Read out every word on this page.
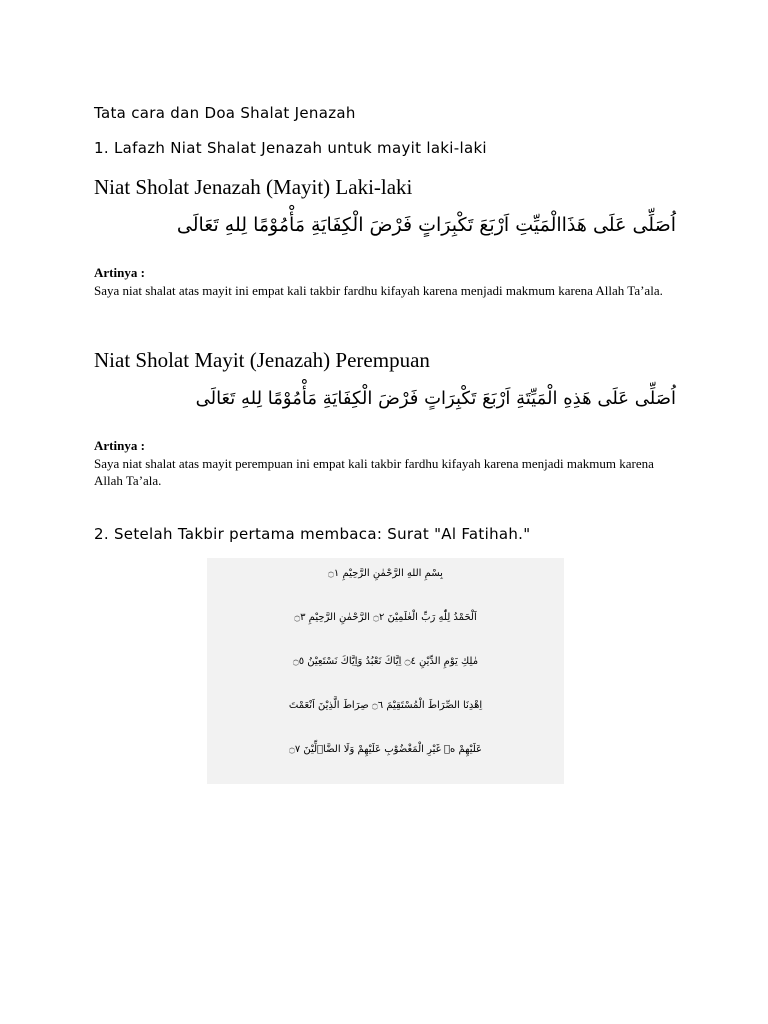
Tata cara dan Doa Shalat Jenazah
1. Lafazh Niat Shalat Jenazah untuk mayit laki-laki
Niat Sholat Jenazah (Mayit) Laki-laki
اُصَلِّى عَلَى هَذَاالْمَيِّتِ اَرْبَعَ تَكْبِرَاتٍ فَرْضَ الْكِفَايَةِ مَأْمُوْمًا لِلهِ تَعَالَى
Artinya :
Saya niat shalat atas mayit ini empat kali takbir fardhu kifayah karena menjadi makmum karena Allah Ta’ala.
Niat Sholat Mayit (Jenazah) Perempuan
اُصَلِّى عَلَى هَذِهِ الْمَيِّتَةِ اَرْبَعَ تَكْبِرَاتٍ فَرْضَ الْكِفَايَةِ مَأْمُوْمًا لِلهِ تَعَالَى
Artinya :
Saya niat shalat atas mayit perempuan ini empat kali takbir fardhu kifayah karena menjadi makmum karena Allah Ta’ala.
2. Setelah Takbir pertama membaca: Surat "Al Fatihah."
بِسْمِ اللهِ الرَّحْمٰنِ الرَّحِيْمِ ۝١
اَلْحَمْدُ لِلّٰهِ رَبِّ الْعٰلَمِيْنَ ۝٢ الرَّحْمٰنِ الرَّحِيْمِ ۝٣
مٰلِكِ يَوْمِ الدِّيْنِ ۝٤ اِيَّاكَ نَعْبُدُ وَاِيَّاكَ نَسْتَعِيْنُ ۝٥
اِهْدِنَا الصِّرَاطَ الْمُسْتَقِيْمَ ۝٦ صِرَاطَ الَّذِيْنَ اَنْعَمْتَ
عَلَيْهِمْ ەۙ غَيْرِ الْمَغْضُوْبِ عَلَيْهِمْ وَلَا الضَّاۤلِّيْنَ ۝٧
